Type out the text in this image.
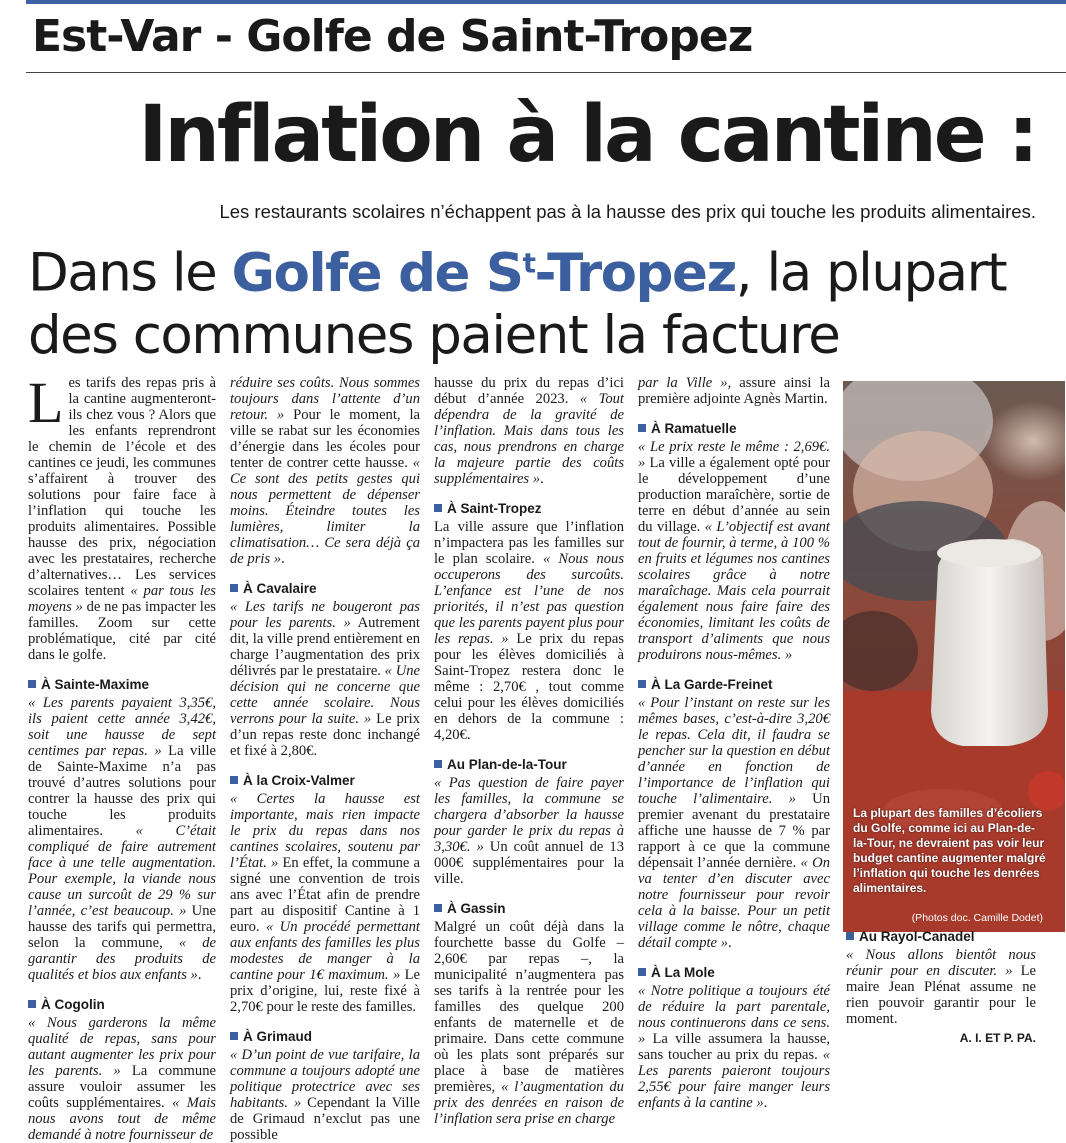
Est-Var - Golfe de Saint-Tropez
Inflation à la cantine :
Les restaurants scolaires n’échappent pas à la hausse des prix qui touche les produits alimentaires.
Dans le Golfe de $S^t$-Tropez, la plupart
des communes paient la facture

Les tarifs des repas pris à la cantine augmenteront-ils chez vous ? Alors que les enfants reprendront le chemin de l’école et des cantines ce jeudi, les communes s’affairent à trouver des solutions pour faire face à l’inflation qui touche les produits alimentaires. Possible hausse des prix, négociation avec les prestataires, recherche d’alternatives… Les services scolaires tentent « par tous les moyens » de ne pas impacter les familles. Zoom sur cette problématique, cité par cité dans le golfe.

À Sainte-Maxime

« Les parents payaient 3,35€, ils paient cette année 3,42€, soit une hausse de sept centimes par repas. » La ville de Sainte-Maxime n’a pas trouvé d’autres solutions pour contrer la hausse des prix qui touche les produits alimentaires. « C’était compliqué de faire autrement face à une telle augmentation. Pour exemple, la viande nous cause un surcoût de 29 % sur l’année, c’est beaucoup. » Une hausse des tarifs qui permettra, selon la commune, « de garantir des produits de qualités et bios aux enfants ».

À Cogolin

« Nous garderons la même qualité de repas, sans pour autant augmenter les prix pour les parents. » La commune assure vouloir assumer les coûts supplémentaires. « Mais nous avons tout de même demandé à notre fournisseur de

réduire ses coûts. Nous sommes toujours dans l’attente d’un retour. » Pour le moment, la ville se rabat sur les économies d’énergie dans les écoles pour tenter de contrer cette hausse. « Ce sont des petits gestes qui nous permettent de dépenser moins. Éteindre toutes les lumières, limiter la climatisation… Ce sera déjà ça de pris ».

À Cavalaire

« Les tarifs ne bougeront pas pour les parents. » Autrement dit, la ville prend entièrement en charge l’augmentation des prix délivrés par le prestataire. « Une décision qui ne concerne que cette année scolaire. Nous verrons pour la suite. » Le prix d’un repas reste donc inchangé et fixé à 2,80€.

À la Croix-Valmer

« Certes la hausse est importante, mais rien impacte le prix du repas dans nos cantines scolaires, soutenu par l’État. » En effet, la commune a signé une convention de trois ans avec l’État afin de prendre part au dispositif Cantine à 1 euro. « Un procédé permettant aux enfants des familles les plus modestes de manger à la cantine pour 1€ maximum. » Le prix d’origine, lui, reste fixé à 2,70€ pour le reste des familles.

À Grimaud

« D’un point de vue tarifaire, la commune a toujours adopté une politique protectrice avec ses habitants. » Cependant la Ville de Grimaud n’exclut pas une possible

hausse du prix du repas d’ici début d’année 2023. « Tout dépendra de la gravité de l’inflation. Mais dans tous les cas, nous prendrons en charge la majeure partie des coûts supplémentaires ».

À Saint-Tropez

La ville assure que l’inflation n’impactera pas les familles sur le plan scolaire. « Nous nous occuperons des surcoûts. L’enfance est l’une de nos priorités, il n’est pas question que les parents payent plus pour les repas. » Le prix du repas pour les élèves domiciliés à Saint-Tropez restera donc le même : 2,70€ , tout comme celui pour les élèves domiciliés en dehors de la commune : 4,20€.

Au Plan-de-la-Tour

« Pas question de faire payer les familles, la commune se chargera d’absorber la hausse pour garder le prix du repas à 3,30€. » Un coût annuel de 13 000€ supplémentaires pour la ville.

À Gassin

Malgré un coût déjà dans la fourchette basse du Golfe – 2,60€ par repas –, la municipalité n’augmentera pas ses tarifs à la rentrée pour les familles des quelque 200 enfants de maternelle et de primaire. Dans cette commune où les plats sont préparés sur place à base de matières premières, « l’augmentation du prix des denrées en raison de l’inflation sera prise en charge

par la Ville », assure ainsi la première adjointe Agnès Martin.

À Ramatuelle

« Le prix reste le même : 2,69€. » La ville a également opté pour le développement d’une production maraîchère, sortie de terre en début d’année au sein du village. « L’objectif est avant tout de fournir, à terme, à 100 % en fruits et légumes nos cantines scolaires grâce à notre maraîchage. Mais cela pourrait également nous faire faire des économies, limitant les coûts de transport d’aliments que nous produirons nous-mêmes. »

À La Garde-Freinet

« Pour l’instant on reste sur les mêmes bases, c’est-à-dire 3,20€ le repas. Cela dit, il faudra se pencher sur la question en début d’année en fonction de l’importance de l’inflation qui touche l’alimentaire. » Un premier avenant du prestataire affiche une hausse de 7 % par rapport à ce que la commune dépensait l’année dernière. « On va tenter d’en discuter avec notre fournisseur pour revoir cela à la baisse. Pour un petit village comme le nôtre, chaque détail compte ».

À La Mole

« Notre politique a toujours été de réduire la part parentale, nous continuerons dans ce sens. » La ville assumera la hausse, sans toucher au prix du repas. « Les parents paieront toujours 2,55€ pour faire manger leurs enfants à la cantine ».

La plupart des familles d’écoliers du Golfe, comme ici au Plan-de-la-Tour, ne devraient pas voir leur budget cantine augmenter malgré l’inflation qui touche les denrées alimentaires.
(Photos doc. Camille Dodet)
Au Rayol-Canadel

« Nous allons bientôt nous réunir pour en discuter. » Le maire Jean Plénat assume ne rien pouvoir garantir pour le moment.

A. I. ET P. PA.
